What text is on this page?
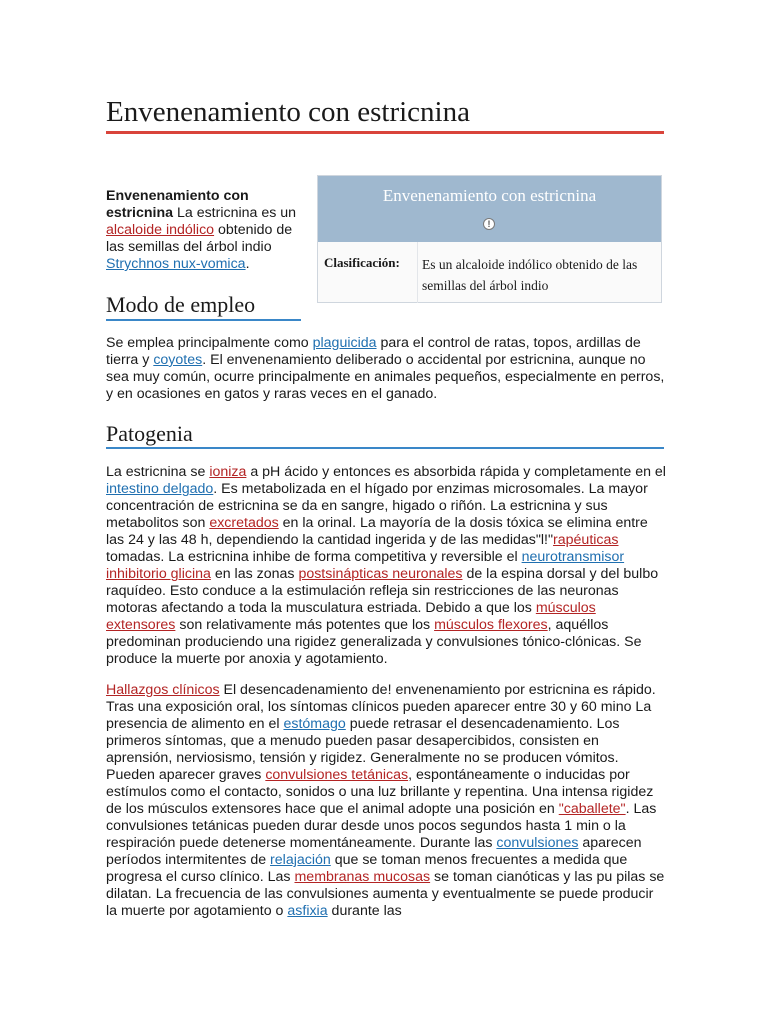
Envenenamiento con estricnina

Envenenamiento con estricnina La estricnina es un alcaloide indólico obtenido de las semillas del árbol indio Strychnos nux-vomica.

Envenenamiento con estricnina
!
Clasificación: Es un alcaloide indólico obtenido de las semillas del árbol indio
Modo de empleo

Se emplea principalmente como plaguicida para el control de ratas, topos, ardillas de tierra y coyotes. El envenenamiento deliberado o accidental por estricnina, aunque no sea muy común, ocurre principalmente en animales pequeños, especialmente en perros, y en ocasiones en gatos y raras veces en el ganado.

Patogenia

La estricnina se ioniza a pH ácido y entonces es absorbida rápida y completamente en el intestino delgado. Es metabolizada en el hígado por enzimas microsomales. La mayor concentración de estricnina se da en sangre, higado o riñón. La estricnina y sus metabolitos son excretados en la orinal. La mayoría de la dosis tóxica se elimina entre las 24 y las 48 h, dependiendo la cantidad ingerida y de las medidas"l!"rapéuticas tomadas. La estricnina inhibe de forma competitiva y reversible el neurotransmisor inhibitorio glicina en las zonas postsinápticas neuronales de la espina dorsal y del bulbo raquídeo. Esto conduce a la estimulación refleja sin restricciones de las neuronas motoras afectando a toda la musculatura estriada. Debido a que los músculos extensores son relativamente más potentes que los músculos flexores, aquéllos predominan produciendo una rigidez generalizada y convulsiones tónico-clónicas. Se produce la muerte por anoxia y agotamiento.

Hallazgos clínicos El desencadenamiento de! envenenamiento por estricnina es rápido. Tras una exposición oral, los síntomas clínicos pueden aparecer entre 30 y 60 mino La presencia de alimento en el estómago puede retrasar el desencadenamiento. Los primeros síntomas, que a menudo pueden pasar desapercibidos, consisten en aprensión, nerviosismo, tensión y rigidez. Generalmente no se producen vómitos. Pueden aparecer graves convulsiones tetánicas, espontáneamente o inducidas por estímulos como el contacto, sonidos o una luz brillante y repentina. Una intensa rigidez de los músculos extensores hace que el animal adopte una posición en "caballete". Las convulsiones tetánicas pueden durar desde unos pocos segundos hasta 1 min o la respiración puede detenerse momentáneamente. Durante las convulsiones aparecen períodos intermitentes de relajación que se toman menos frecuentes a medida que progresa el curso clínico. Las membranas mucosas se toman cianóticas y las pu pilas se dilatan. La frecuencia de las convulsiones aumenta y eventualmente se puede producir la muerte por agotamiento o asfixia durante las
